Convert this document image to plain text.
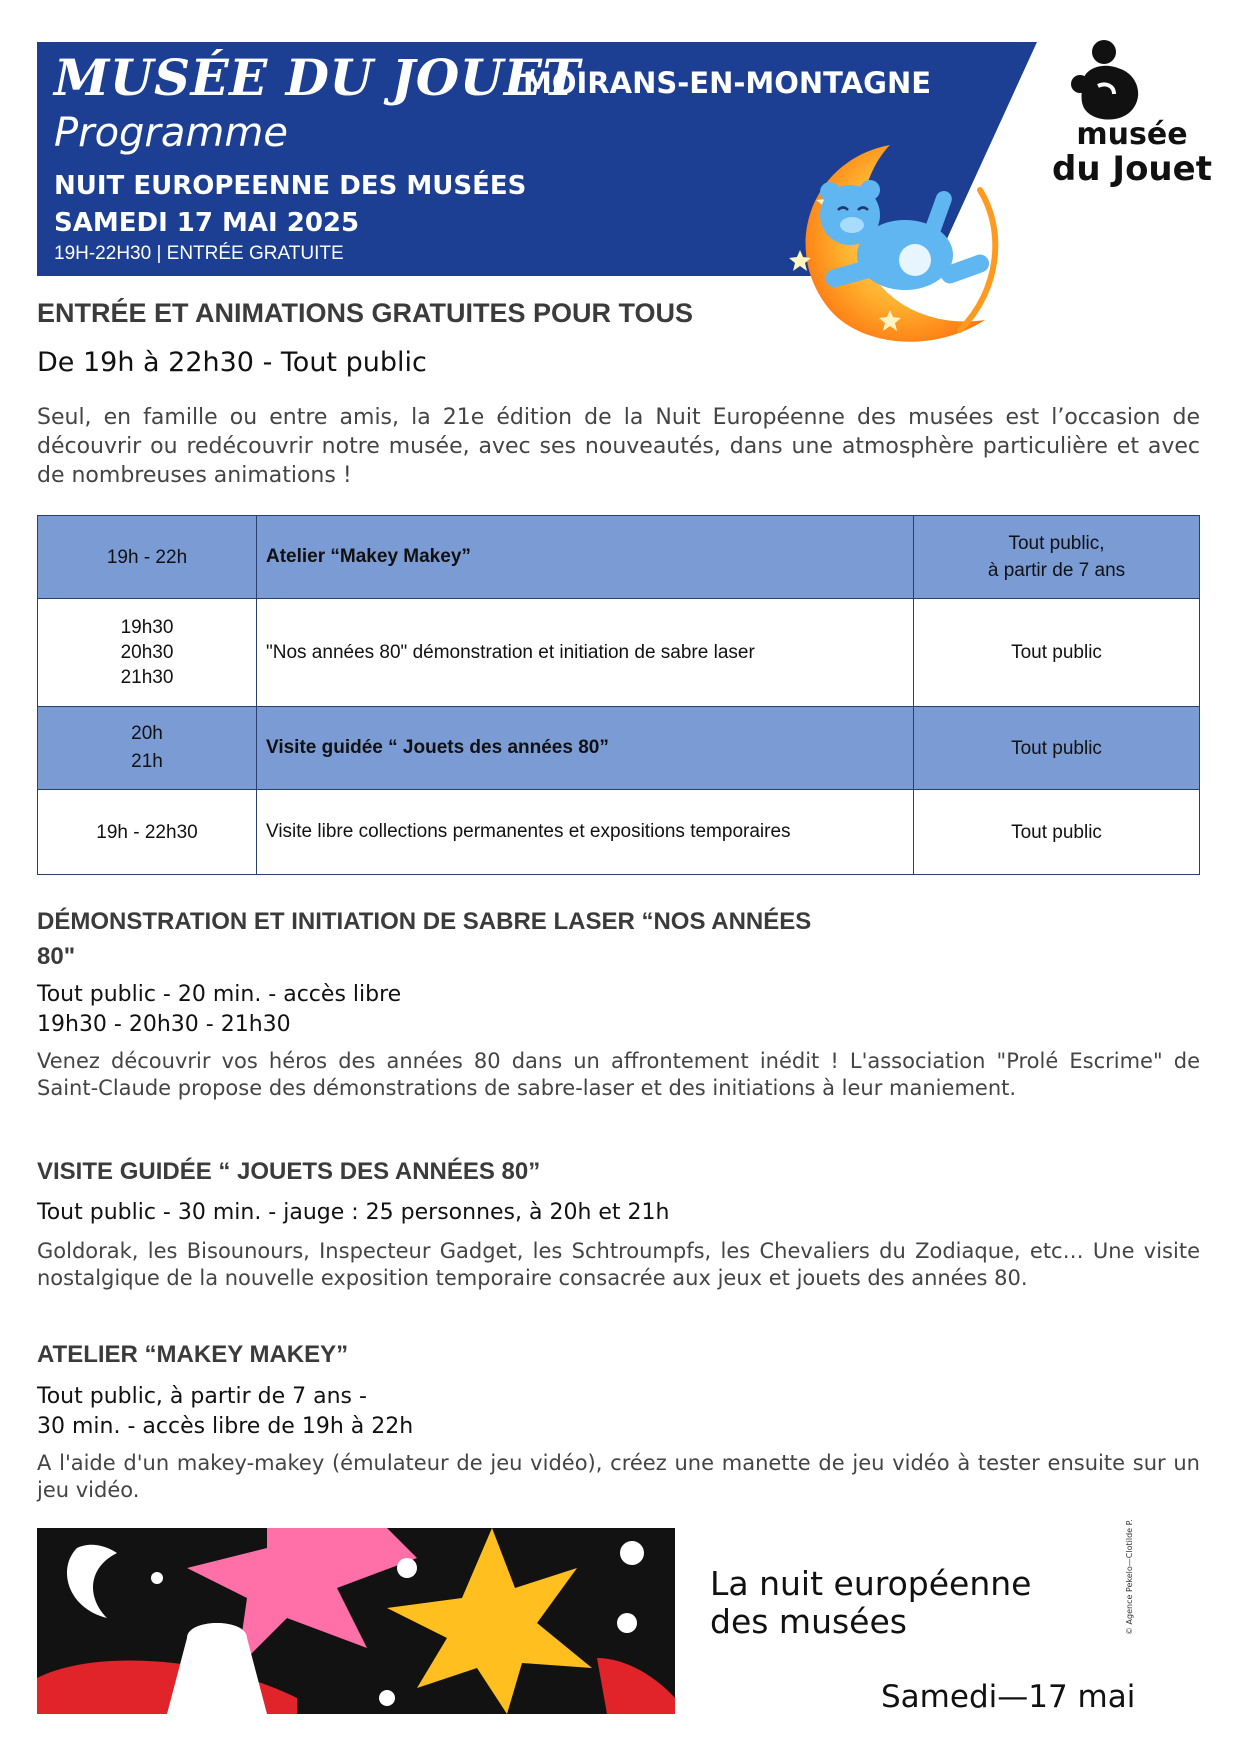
MUSÉE DU JOUET
Programme
NUIT EUROPEENNE DES MUSÉES
SAMEDI 17 MAI 2025
19H-22H30 | ENTRÉE GRATUITE
MOIRANS-EN-MONTAGNE
musée
du Jouet
ENTRÉE ET ANIMATIONS GRATUITES POUR TOUS
De 19h à 22h30 - Tout public
Seul, en famille ou entre amis, la 21e édition de la Nuit Européenne des musées est l’occasion de découvrir ou redécouvrir notre musée, avec ses nouveautés, dans une atmosphère particulière et avec de nombreuses animations !
19h - 22h	Atelier “Makey Makey”	Tout public,
à partir de 7 ans
19h30
20h30
21h30	"Nos années 80" démonstration et initiation de sabre laser	Tout public
20h
21h	Visite guidée “ Jouets des années 80”	Tout public
19h - 22h30	Visite libre collections permanentes et expositions temporaires	Tout public
DÉMONSTRATION ET INITIATION DE SABRE LASER “NOS ANNÉES
80"
Tout public - 20 min. - accès libre
19h30 - 20h30 - 21h30
Venez découvrir vos héros des années 80 dans un affrontement inédit ! L'association "Prolé Escrime" de Saint-Claude propose des démonstrations de sabre-laser et des initiations à leur maniement.
VISITE GUIDÉE “ JOUETS DES ANNÉES 80”
Tout public - 30 min. - jauge : 25 personnes, à 20h et 21h
Goldorak, les Bisounours, Inspecteur Gadget, les Schtroumpfs, les Chevaliers du Zodiaque, etc… Une visite nostalgique de la nouvelle exposition temporaire consacrée aux jeux et jouets des années 80.
ATELIER “MAKEY MAKEY”
Tout public, à partir de 7 ans -
30 min. - accès libre de 19h à 22h
A l'aide d'un makey-makey (émulateur de jeu vidéo), créez une manette de jeu vidéo à tester ensuite sur un jeu vidéo.
La nuit européenne
des musées
Samedi—17 mai
© Agence Pekelo—Clotilde P.
